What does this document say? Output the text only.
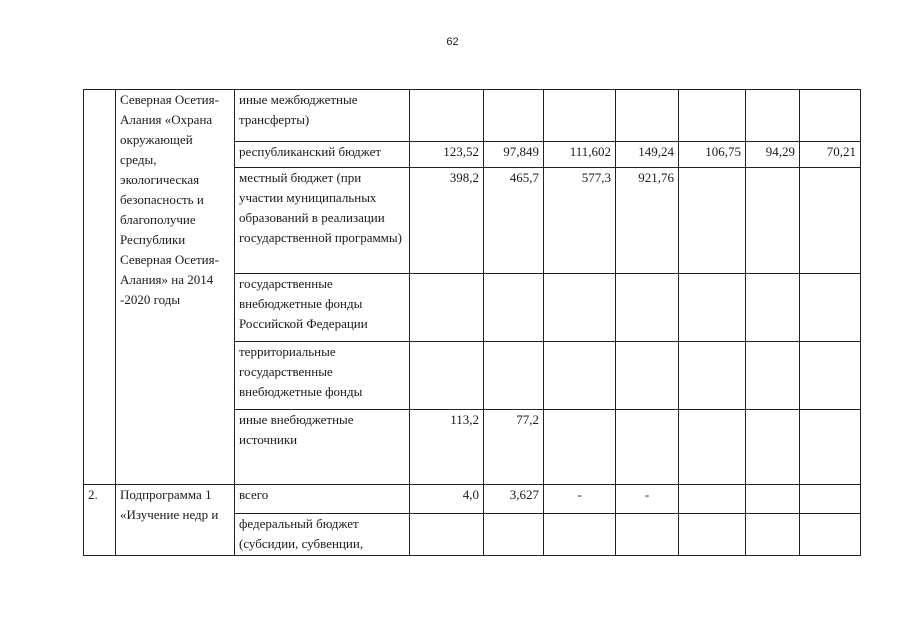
62
	Северная Осетия-Алания «Охрана окружающей среды, экологическая безопасность и благополучие Республики Северная Осетия-Алания» на 2014 -2020 годы	иные межбюджетные трансферты)							
		республиканский бюджет	123,52	97,849	111,602	149,24	106,75	94,29	70,21
		местный бюджет (при участии муниципальных образований в реализации государственной программы)	398,2	465,7	577,3	921,76			
		государственные внебюджетные фонды Российской Федерации							
		территориальные государственные внебюджетные фонды							
		иные внебюджетные источники	113,2	77,2					
2.	Подпрограмма 1 «Изучение недр и	всего	4,0	3,627	-	-			
		федеральный бюджет (субсидии, субвенции,							
